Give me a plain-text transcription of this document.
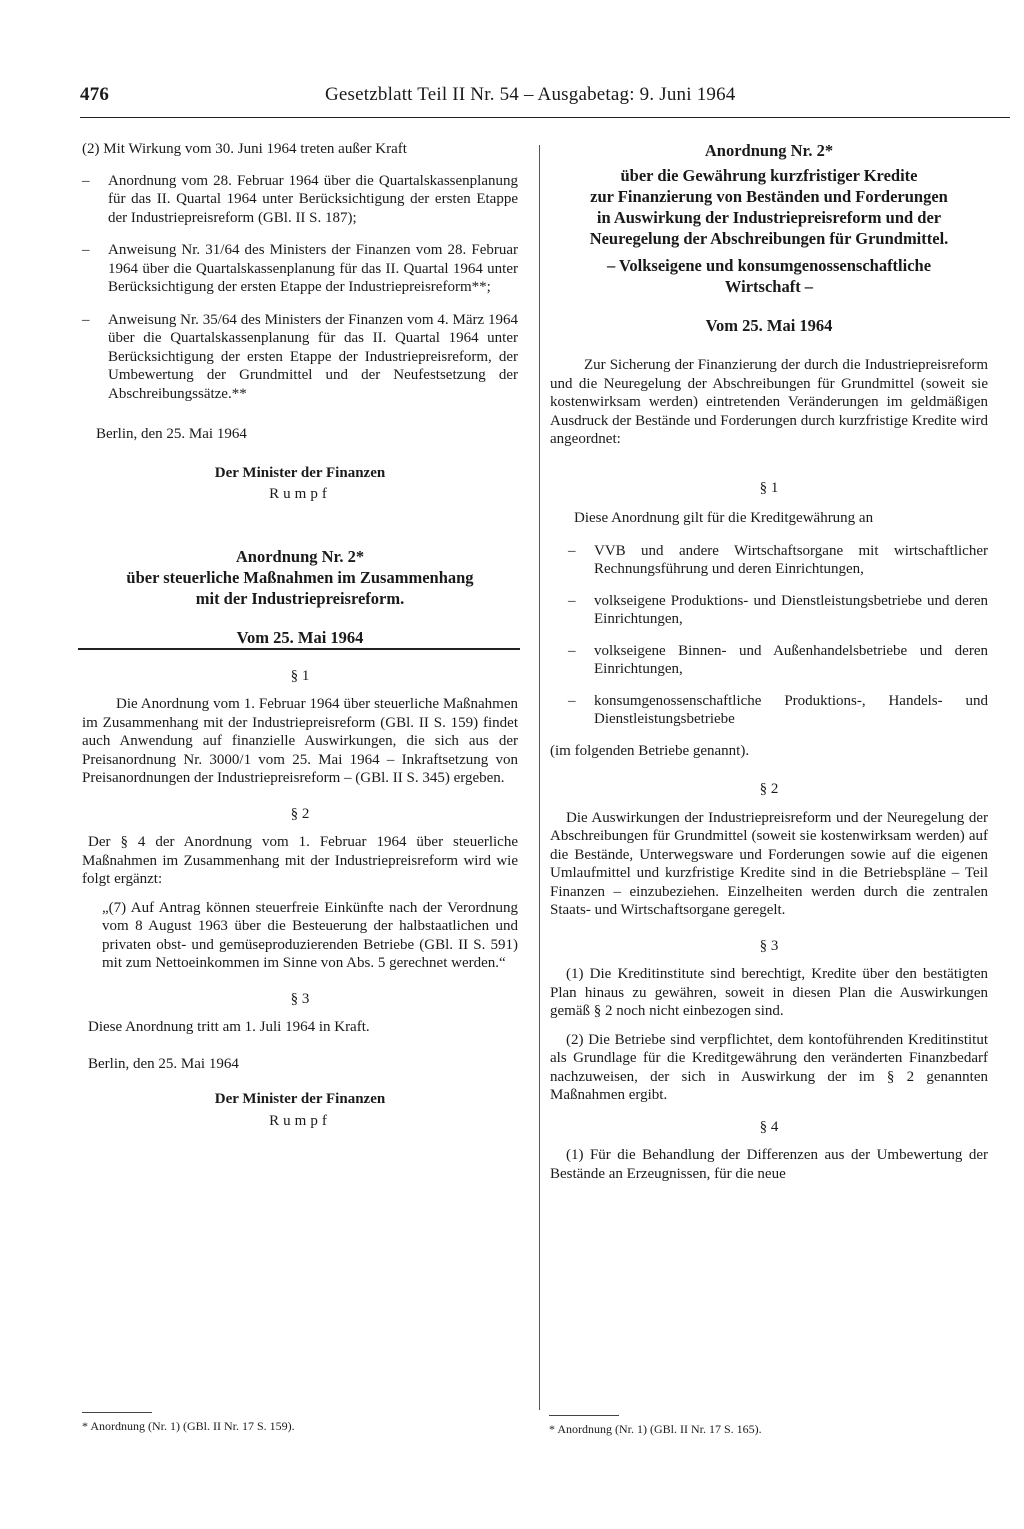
476	Gesetzblatt Teil II Nr. 54 – Ausgabetag: 9. Juni 1964

(2) Mit Wirkung vom 30. Juni 1964 treten außer Kraft

–	Anordnung vom 28. Februar 1964 über die Quartalskassenplanung für das II. Quartal 1964 unter Berücksichtigung der ersten Etappe der Industriepreisreform (GBl. II S. 187);

–	Anweisung Nr. 31/64 des Ministers der Finanzen vom 28. Februar 1964 über die Quartalskassenplanung für das II. Quartal 1964 unter Berücksichtigung der ersten Etappe der Industriepreisreform**;

–	Anweisung Nr. 35/64 des Ministers der Finanzen vom 4. März 1964 über die Quartalskassenplanung für das II. Quartal 1964 unter Berücksichtigung der ersten Etappe der Industriepreisreform, der Umbewertung der Grundmittel und der Neufestsetzung der Abschreibungssätze.**

Berlin, den 25. Mai 1964

Der Minister der Finanzen

Rumpf

Anordnung Nr. 2*

über steuerliche Maßnahmen im Zusammenhang

mit der Industriepreisreform.

Vom 25. Mai 1964

§ 1

Die Anordnung vom 1. Februar 1964 über steuerliche Maßnahmen im Zusammenhang mit der Industriepreisreform (GBl. II S. 159) findet auch Anwendung auf finanzielle Auswirkungen, die sich aus der Preisanordnung Nr. 3000/1 vom 25. Mai 1964 – Inkraftsetzung von Preisanordnungen der Industriepreisreform – (GBl. II S. 345) ergeben.

§ 2

Der § 4 der Anordnung vom 1. Februar 1964 über steuerliche Maßnahmen im Zusammenhang mit der Industriepreisreform wird wie folgt ergänzt:

„(7) Auf Antrag können steuerfreie Einkünfte nach der Verordnung vom 8 August 1963 über die Besteuerung der halbstaatlichen und privaten obst- und gemüseproduzierenden Betriebe (GBl. II S. 591) mit zum Nettoeinkommen im Sinne von Abs. 5 gerechnet werden.“

§ 3

Diese Anordnung tritt am 1. Juli 1964 in Kraft.

Berlin, den 25. Mai 1964

Der Minister der Finanzen

Rumpf

Anordnung Nr. 2*

über die Gewährung kurzfristiger Kredite

zur Finanzierung von Beständen und Forderungen

in Auswirkung der Industriepreisreform und der

Neuregelung der Abschreibungen für Grundmittel.

– Volkseigene und konsumgenossenschaftliche

Wirtschaft –

Vom 25. Mai 1964

Zur Sicherung der Finanzierung der durch die Industriepreisreform und die Neuregelung der Abschreibungen für Grundmittel (soweit sie kostenwirksam werden) eintretenden Veränderungen im geldmäßigen Ausdruck der Bestände und Forderungen durch kurzfristige Kredite wird angeordnet:

§ 1

Diese Anordnung gilt für die Kreditgewährung an

–	VVB und andere Wirtschaftsorgane mit wirtschaftlicher Rechnungsführung und deren Einrichtungen,

–	volkseigene Produktions- und Dienstleistungsbetriebe und deren Einrichtungen,

–	volkseigene Binnen- und Außenhandelsbetriebe und deren Einrichtungen,

–	konsumgenossenschaftliche Produktions-, Handels- und Dienstleistungsbetriebe

(im folgenden Betriebe genannt).

§ 2

Die Auswirkungen der Industriepreisreform und der Neuregelung der Abschreibungen für Grundmittel (soweit sie kostenwirksam werden) auf die Bestände, Unterwegsware und Forderungen sowie auf die eigenen Umlaufmittel und kurzfristige Kredite sind in die Betriebspläne – Teil Finanzen – einzubeziehen. Einzelheiten werden durch die zentralen Staats- und Wirtschaftsorgane geregelt.

§ 3

(1) Die Kreditinstitute sind berechtigt, Kredite über den bestätigten Plan hinaus zu gewähren, soweit in diesen Plan die Auswirkungen gemäß § 2 noch nicht einbezogen sind.

(2) Die Betriebe sind verpflichtet, dem kontoführenden Kreditinstitut als Grundlage für die Kreditgewährung den veränderten Finanzbedarf nachzuweisen, der sich in Auswirkung der im § 2 genannten Maßnahmen ergibt.

§ 4

(1) Für die Behandlung der Differenzen aus der Umbewertung der Bestände an Erzeugnissen, für die neue

* Anordnung (Nr. 1) (GBl. II Nr. 17 S. 159).	* Anordnung (Nr. 1) (GBl. II Nr. 17 S. 165).
